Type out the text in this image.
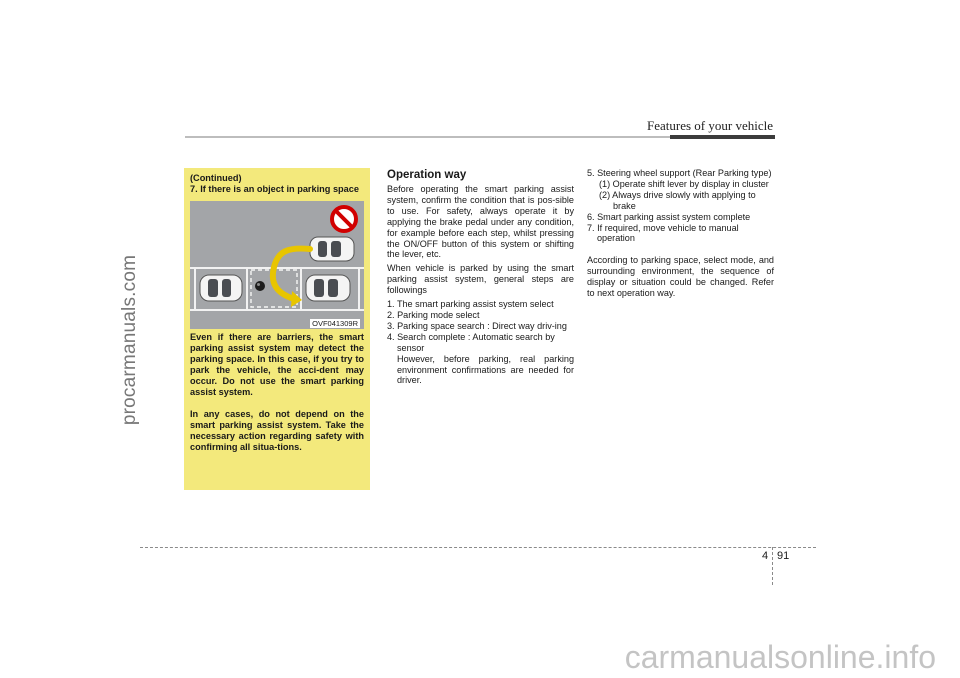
procarmanuals.com
carmanualsonline.info
Features of your vehicle

(Continued)

7. If there is an object in parking space

OVF041309R

Even if there are barriers, the smart parking assist system may detect the parking space. In this case, if you try to park the vehicle, the acci-dent may occur. Do not use the smart parking assist system.

In any cases, do not depend on the smart parking assist system. Take the necessary action regarding safety with confirming all situa-tions.

Operation way

Before operating the smart parking assist system, confirm the condition that is pos-sible to use. For safety, always operate it by applying the brake pedal under any condition, for example before each step, whilst pressing the ON/OFF button of this system or shifting the lever, etc.

When vehicle is parked by using the smart parking assist system, general steps are followings

1. The smart parking assist system select

2. Parking mode select

3. Parking space search : Direct way driv-ing

4. Search complete : Automatic search by sensor

However, before parking, real parking environment confirmations are needed for driver.

5. Steering wheel support (Rear Parking type)

(1) Operate shift lever by display in cluster

(2) Always drive slowly with applying to brake

6. Smart parking assist system complete

7. If required, move vehicle to manual operation

According to parking space, select mode, and surrounding environment, the sequence of display or situation could be changed. Refer to next operation way.

4 91
